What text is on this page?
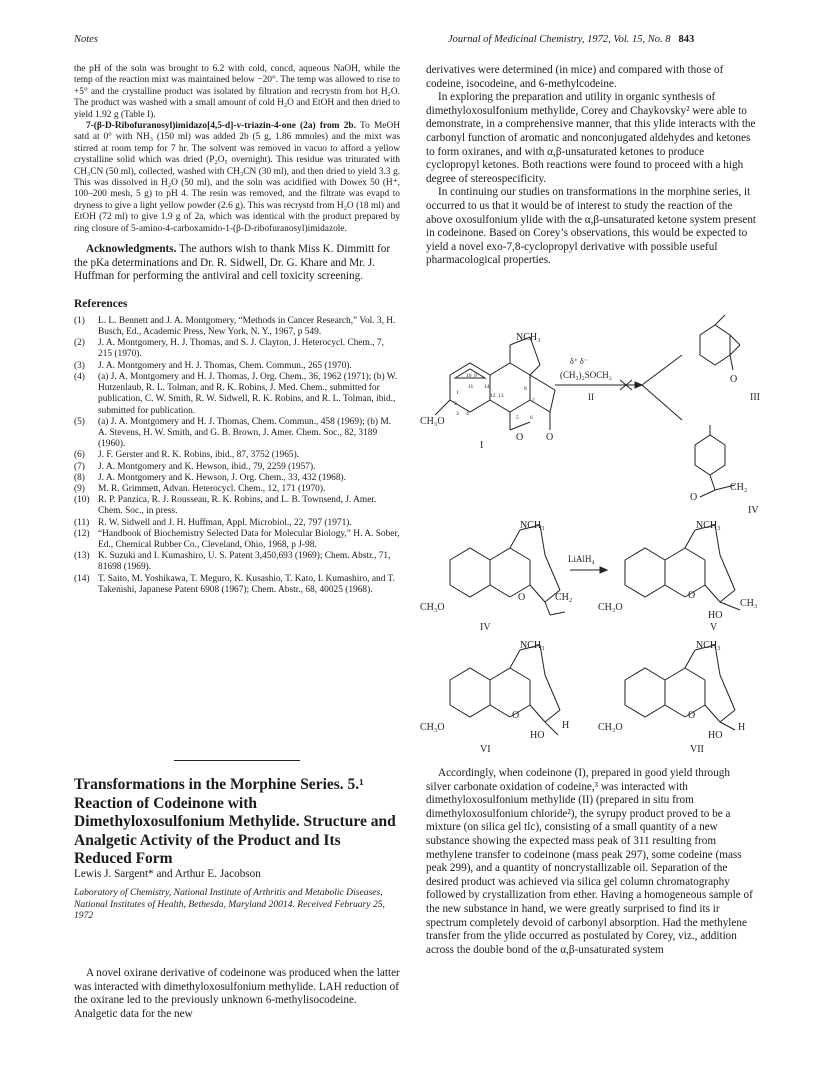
Notes	Journal of Medicinal Chemistry, 1972, Vol. 15, No. 8 843

the pH of the soln was brought to 6.2 with cold, concd, aqueous NaOH, while the temp of the reaction mixt was maintained below −20°. The temp was allowed to rise to +5° and the crystalline product was isolated by filtration and recrystn from hot H₂O. The product was washed with a small amount of cold H₂O and EtOH and then dried to yield 1.92 g (Table I).

7-(β-D-Ribofuranosyl)imidazo[4,5-d]-v-triazin-4-one (2a) from 2b. To MeOH satd at 0° with NH₃ (150 ml) was added 2b (5 g, 1.86 mmoles) and the mixt was stirred at room temp for 7 hr. The solvent was removed in vacuo to afford a yellow crystalline solid which was dried (P₂O₅ overnight). This residue was triturated with CH₃CN (50 ml), collected, washed with CH₃CN (30 ml), and then dried to yield 3.3 g. This was dissolved in H₂O (50 ml), and the soln was acidified with Dowex 50 (H⁺, 100–200 mesh, 5 g) to pH 4. The resin was removed, and the filtrate was evapd to dryness to give a light yellow powder (2.6 g). This was recrystd from H₂O (18 ml) and EtOH (72 ml) to give 1.9 g of 2a, which was identical with the product prepared by ring closure of 5-amino-4-carboxamido-1-(β-D-ribofuranosyl)imidazole.

Acknowledgments. The authors wish to thank Miss K. Dimmitt for the pKa determinations and Dr. R. Sidwell, Dr. G. Khare and Mr. J. Huffman for performing the antiviral and cell toxicity screening.

References
(1) L. L. Bennett and J. A. Montgomery, “Methods in Cancer Research,” Vol. 3, H. Busch, Ed., Academic Press, New York, N. Y., 1967, p 549.
(2) J. A. Montgomery, H. J. Thomas, and S. J. Clayton, J. Heterocycl. Chem., 7, 215 (1970).
(3) J. A. Montgomery and H. J. Thomas, Chem. Commun., 265 (1970).
(4) (a) J. A. Montgomery and H. J. Thomas, J. Org. Chem., 36, 1962 (1971); (b) W. Hutzenlaub, R. L. Tolman, and R. K. Robins, J. Med. Chem., submitted for publication, C. W. Smith, R. W. Sidwell, R. K. Robins, and R. L. Tolman, ibid., submitted for publication.
(5) (a) J. A. Montgomery and H. J. Thomas, Chem. Commun., 458 (1969); (b) M. A. Stevens, H. W. Smith, and G. B. Brown, J. Amer. Chem. Soc., 82, 3189 (1960).
(6) J. F. Gerster and R. K. Robins, ibid., 87, 3752 (1965).
(7) J. A. Montgomery and K. Hewson, ibid., 79, 2259 (1957).
(8) J. A. Montgomery and K. Hewson, J. Org. Chem., 33, 432 (1968).
(9) M. R. Grimmett, Advan. Heterocycl. Chem., 12, 171 (1970).
(10) R. P. Panzica, R. J. Rousseau, R. K. Robins, and L. B. Townsend, J. Amer. Chem. Soc., in press.
(11) R. W. Sidwell and J. H. Huffman, Appl. Microbiol., 22, 797 (1971).
(12) “Handbook of Biochemistry Selected Data for Molecular Biology,” H. A. Sober, Ed., Chemical Rubber Co., Cleveland, Ohio, 1968, p J-98.
(13) K. Suzuki and I. Kumashiro, U. S. Patent 3,450,693 (1969); Chem. Abstr., 71, 81698 (1969).
(14) T. Saito, M. Yoshikawa, T. Meguro, K. Kusashio, T. Kato, I. Kumashiro, and T. Takenishi, Japanese Patent 6908 (1967); Chem. Abstr., 68, 40025 (1968).
Transformations in the Morphine Series. 5.¹ Reaction of Codeinone with Dimethyloxosulfonium Methylide. Structure and Analgetic Activity of the Product and Its Reduced Form
Lewis J. Sargent* and Arthur E. Jacobson
Laboratory of Chemistry, National Institute of Arthritis and Metabolic Diseases, National Institutes of Health, Bethesda, Maryland 20014. Received February 25, 1972

A novel oxirane derivative of codeinone was produced when the latter was interacted with dimethyloxosulfonium methylide. LAH reduction of the oxirane led to the previously unknown 6-methylisocodeine. Analgetic data for the new

derivatives were determined (in mice) and compared with those of codeine, isocodeine, and 6-methylcodeine.

In exploring the preparation and utility in organic synthesis of dimethyloxosulfonium methylide, Corey and Chaykovsky² were able to demonstrate, in a comprehensive manner, that this ylide interacts with the carbonyl function of aromatic and nonconjugated aldehydes and ketones to form oxiranes, and with α,β-unsaturated ketones to produce cyclopropyl ketones. Both reactions were found to proceed with a high degree of stereospecificity.

In continuing our studies on transformations in the morphine series, it occurred to us that it would be of interest to study the reaction of the above oxosulfonium ylide with the α,β-unsaturated ketone system present in codeinone. Based on Corey’s observations, this would be expected to yield a novel exo-7,8-cyclopropyl derivative with possible useful pharmacological properties.

NCH₃
CH₃O
O O
I
δ⁺ δ⁻
(CH₃)₂SOCH₂
II
O
III
CH₂
O
IV
NCH₃
CH₃O
O	CH₂
IV
LiAlH₄
NCH₃
CH₃O
O
HO
CH₃
V
NCH₃
CH₃O
O
HO
H
VI
NCH₃
CH₃O
O
HO
H
VII
10 9
1
11 14
12 13
2
3 4
5 6
7
8

Accordingly, when codeinone (I), prepared in good yield through silver carbonate oxidation of codeine,³ was interacted with dimethyloxosulfonium methylide (II) (prepared in situ from dimethyloxosulfonium chloride²), the syrupy product proved to be a mixture (on silica gel tlc), consisting of a small quantity of a new substance showing the expected mass peak of 311 resulting from methylene transfer to codeinone (mass peak 297), some codeine (mass peak 299), and a quantity of noncrystallizable oil. Separation of the desired product was achieved via silica gel column chromatography followed by crystallization from ether. Having a homogeneous sample of the new substance in hand, we were greatly surprised to find its ir spectrum completely devoid of carbonyl absorption. Had the methylene transfer from the ylide occurred as postulated by Corey, viz., addition across the double bond of the α,β-unsaturated system
